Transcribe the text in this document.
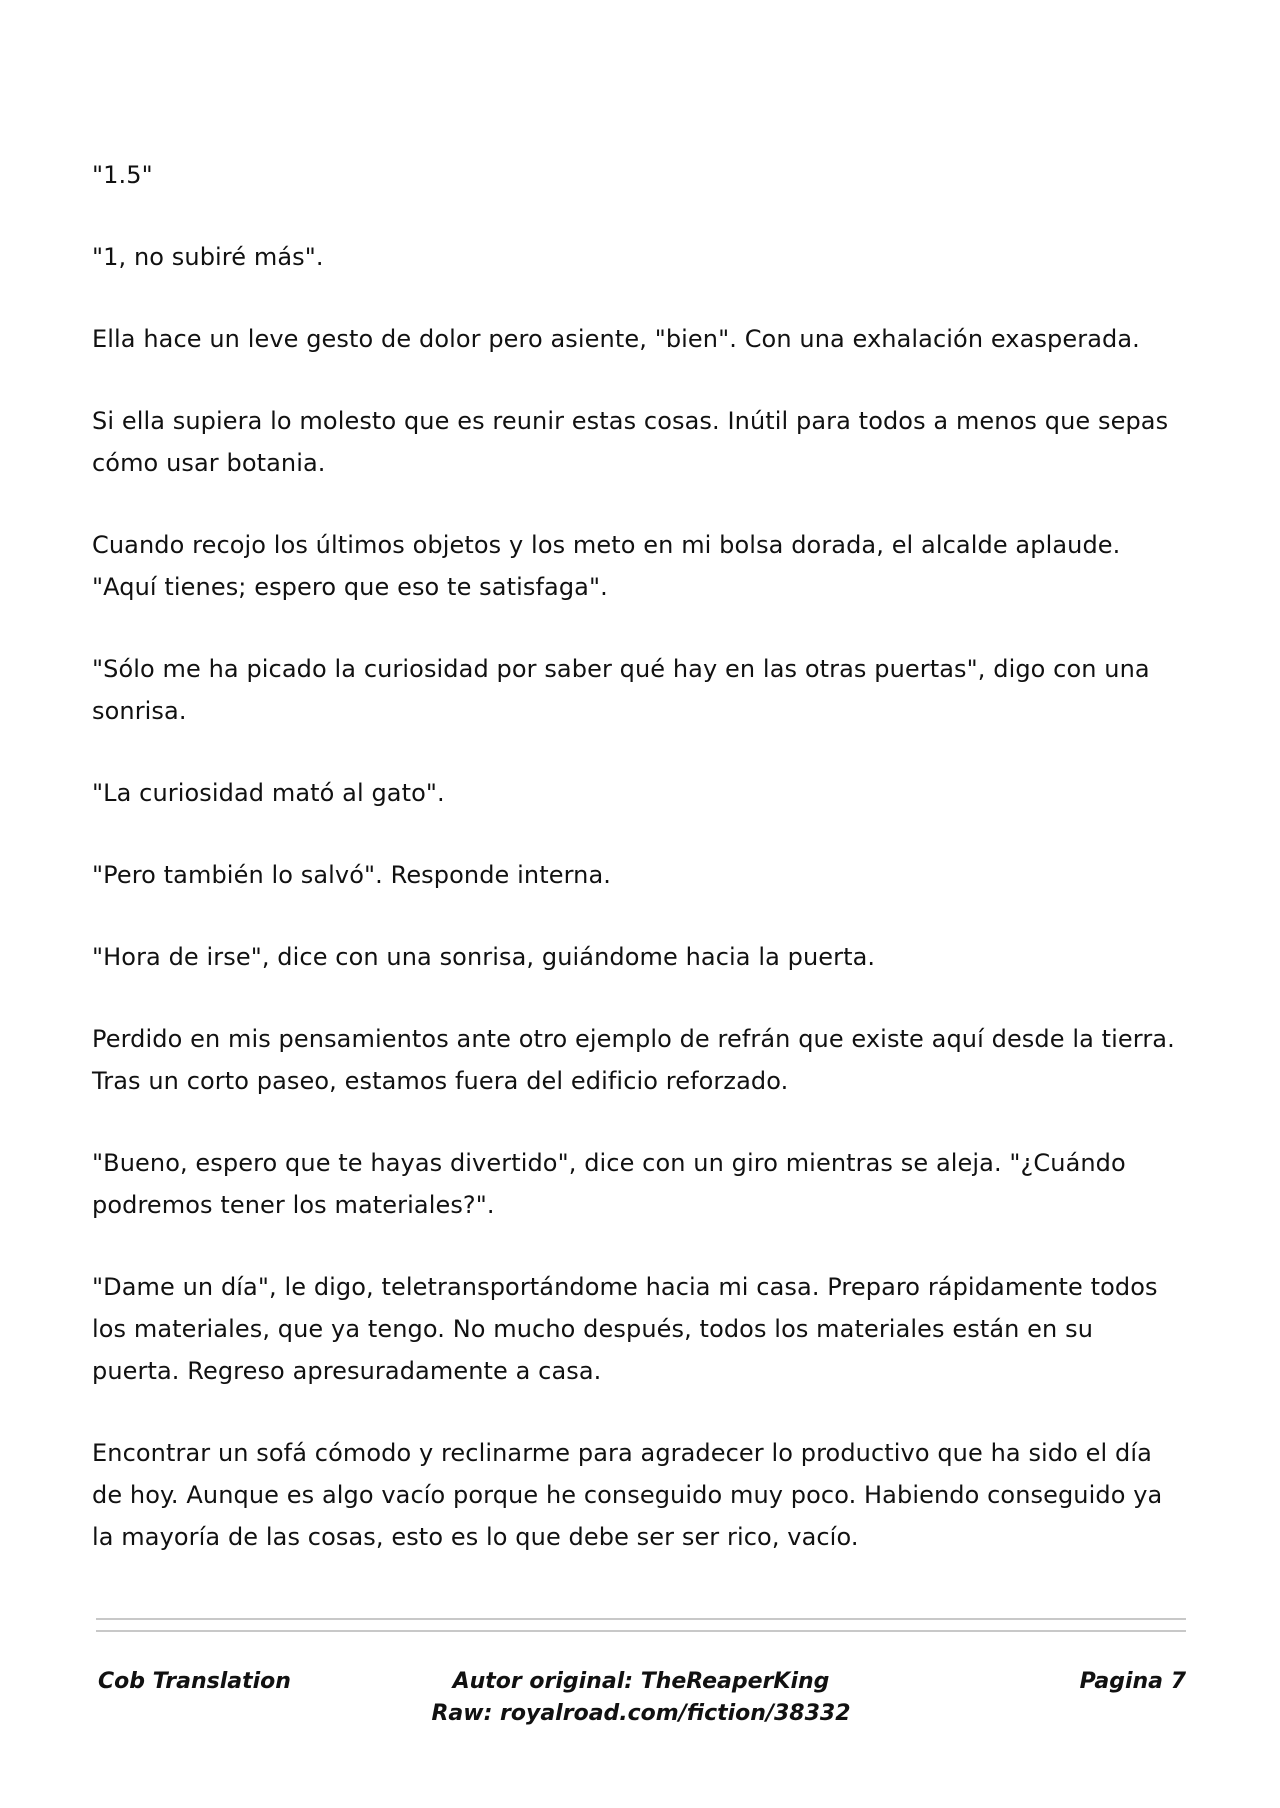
"1.5"

"1, no subiré más".

Ella hace un leve gesto de dolor pero asiente, "bien". Con una exhalación exasperada.

Si ella supiera lo molesto que es reunir estas cosas. Inútil para todos a menos que sepas cómo usar botania.

Cuando recojo los últimos objetos y los meto en mi bolsa dorada, el alcalde aplaude. "Aquí tienes; espero que eso te satisfaga".

"Sólo me ha picado la curiosidad por saber qué hay en las otras puertas", digo con una sonrisa.

"La curiosidad mató al gato".

"Pero también lo salvó". Responde interna.

"Hora de irse", dice con una sonrisa, guiándome hacia la puerta.

Perdido en mis pensamientos ante otro ejemplo de refrán que existe aquí desde la tierra. Tras un corto paseo, estamos fuera del edificio reforzado.

"Bueno, espero que te hayas divertido", dice con un giro mientras se aleja. "¿Cuándo podremos tener los materiales?".

"Dame un día", le digo, teletransportándome hacia mi casa. Preparo rápidamente todos los materiales, que ya tengo. No mucho después, todos los materiales están en su puerta. Regreso apresuradamente a casa.

Encontrar un sofá cómodo y reclinarme para agradecer lo productivo que ha sido el día de hoy. Aunque es algo vacío porque he conseguido muy poco. Habiendo conseguido ya la mayoría de las cosas, esto es lo que debe ser ser rico, vacío.

Cob Translation	Autor original: TheReaperKing
Raw: royalroad.com/fiction/38332
Pagina 7
